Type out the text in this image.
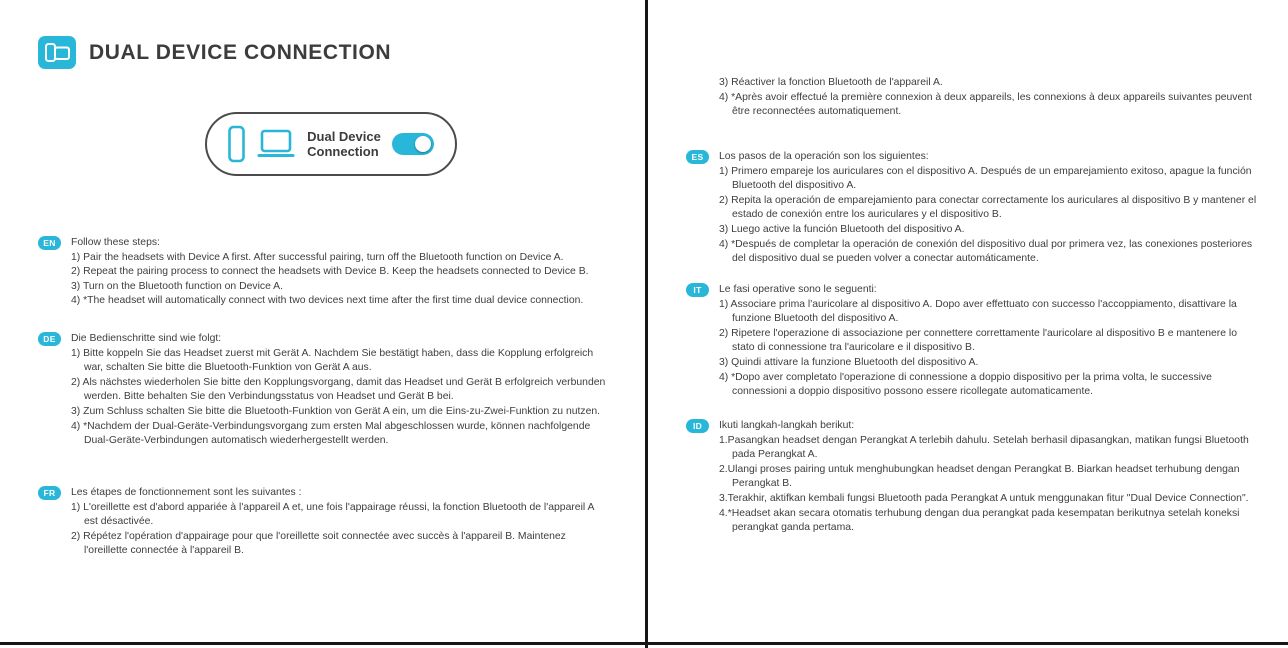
DUAL DEVICE CONNECTION
Dual Device
Connection
EN	Follow these steps:

1) Pair the headsets with Device A first. After successful pairing, turn off the Bluetooth function on Device A.

2) Repeat the pairing process to connect the headsets with Device B. Keep the headsets connected to Device B.

3) Turn on the Bluetooth function on Device A.

4) *The headset will automatically connect with two devices next time after the first time dual device connection.

DE	Die Bedienschritte sind wie folgt:

1) Bitte koppeln Sie das Headset zuerst mit Gerät A. Nachdem Sie bestätigt haben, dass die Kopplung erfolgreich war, schalten Sie bitte die Bluetooth-Funktion von Gerät A aus.

2) Als nächstes wiederholen Sie bitte den Kopplungsvorgang, damit das Headset und Gerät B erfolgreich verbunden werden. Bitte behalten Sie den Verbindungsstatus von Headset und Gerät B bei.

3) Zum Schluss schalten Sie bitte die Bluetooth-Funktion von Gerät A ein, um die Eins-zu-Zwei-Funktion zu nutzen.

4) *Nachdem der Dual-Geräte-Verbindungsvorgang zum ersten Mal abgeschlossen wurde, können nachfolgende Dual-Geräte-Verbindungen automatisch wiederhergestellt werden.

FR	Les étapes de fonctionnement sont les suivantes :

1) L'oreillette est d'abord appariée à l'appareil A et, une fois l'appairage réussi, la fonction Bluetooth de l'appareil A est désactivée.

2) Répétez l'opération d'appairage pour que l'oreillette soit connectée avec succès à l'appareil B. Maintenez l'oreillette connectée à l'appareil B.

3) Réactiver la fonction Bluetooth de l'appareil A.

4) *Après avoir effectué la première connexion à deux appareils, les connexions à deux appareils suivantes peuvent être reconnectées automatiquement.

ES	Los pasos de la operación son los siguientes:

1) Primero empareje los auriculares con el dispositivo A. Después de un emparejamiento exitoso, apague la función Bluetooth del dispositivo A.

2) Repita la operación de emparejamiento para conectar correctamente los auriculares al dispositivo B y mantener el estado de conexión entre los auriculares y el dispositivo B.

3) Luego active la función Bluetooth del dispositivo A.

4) *Después de completar la operación de conexión del dispositivo dual por primera vez, las conexiones posteriores del dispositivo dual se pueden volver a conectar automáticamente.

IT	Le fasi operative sono le seguenti:

1) Associare prima l'auricolare al dispositivo A. Dopo aver effettuato con successo l'accoppiamento, disattivare la funzione Bluetooth del dispositivo A.

2) Ripetere l'operazione di associazione per connettere correttamente l'auricolare al dispositivo B e mantenere lo stato di connessione tra l'auricolare e il dispositivo B.

3) Quindi attivare la funzione Bluetooth del dispositivo A.

4) *Dopo aver completato l'operazione di connessione a doppio dispositivo per la prima volta, le successive connessioni a doppio dispositivo possono essere ricollegate automaticamente.

ID	Ikuti langkah-langkah berikut:

1.Pasangkan headset dengan Perangkat A terlebih dahulu. Setelah berhasil dipasangkan, matikan fungsi Bluetooth pada Perangkat A.

2.Ulangi proses pairing untuk menghubungkan headset dengan Perangkat B. Biarkan headset terhubung dengan Perangkat B.

3.Terakhir, aktifkan kembali fungsi Bluetooth pada Perangkat A untuk menggunakan fitur "Dual Device Connection".

4.*Headset akan secara otomatis terhubung dengan dua perangkat pada kesempatan berikutnya setelah koneksi perangkat ganda pertama.
